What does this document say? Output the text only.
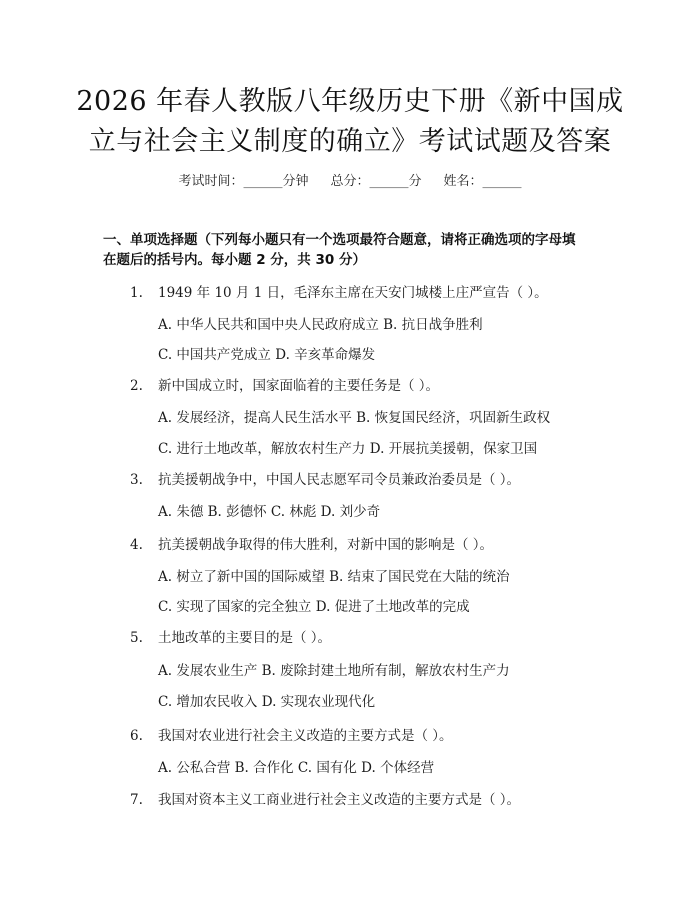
2026 年春人教版八年级历史下册《新中国成
立与社会主义制度的确立》考试试题及答案
考试时间：______分钟 总分：______分 姓名：______
一、单项选择题（下列每小题只有一个选项最符合题意，请将正确选项的字母填
在题后的括号内。每小题 2 分，共 30 分）
1. 1949 年 10 月 1 日，毛泽东主席在天安门城楼上庄严宣告（ ）。
A. 中华人民共和国中央人民政府成立 B. 抗日战争胜利
C. 中国共产党成立 D. 辛亥革命爆发
2. 新中国成立时，国家面临着的主要任务是（ ）。
A. 发展经济，提高人民生活水平 B. 恢复国民经济，巩固新生政权
C. 进行土地改革，解放农村生产力 D. 开展抗美援朝，保家卫国
3. 抗美援朝战争中，中国人民志愿军司令员兼政治委员是（ ）。
A. 朱德 B. 彭德怀 C. 林彪 D. 刘少奇
4. 抗美援朝战争取得的伟大胜利，对新中国的影响是（ ）。
A. 树立了新中国的国际威望 B. 结束了国民党在大陆的统治
C. 实现了国家的完全独立 D. 促进了土地改革的完成
5. 土地改革的主要目的是（ ）。
A. 发展农业生产 B. 废除封建土地所有制，解放农村生产力
C. 增加农民收入 D. 实现农业现代化
6. 我国对农业进行社会主义改造的主要方式是（ ）。
A. 公私合营 B. 合作化 C. 国有化 D. 个体经营
7. 我国对资本主义工商业进行社会主义改造的主要方式是（ ）。
